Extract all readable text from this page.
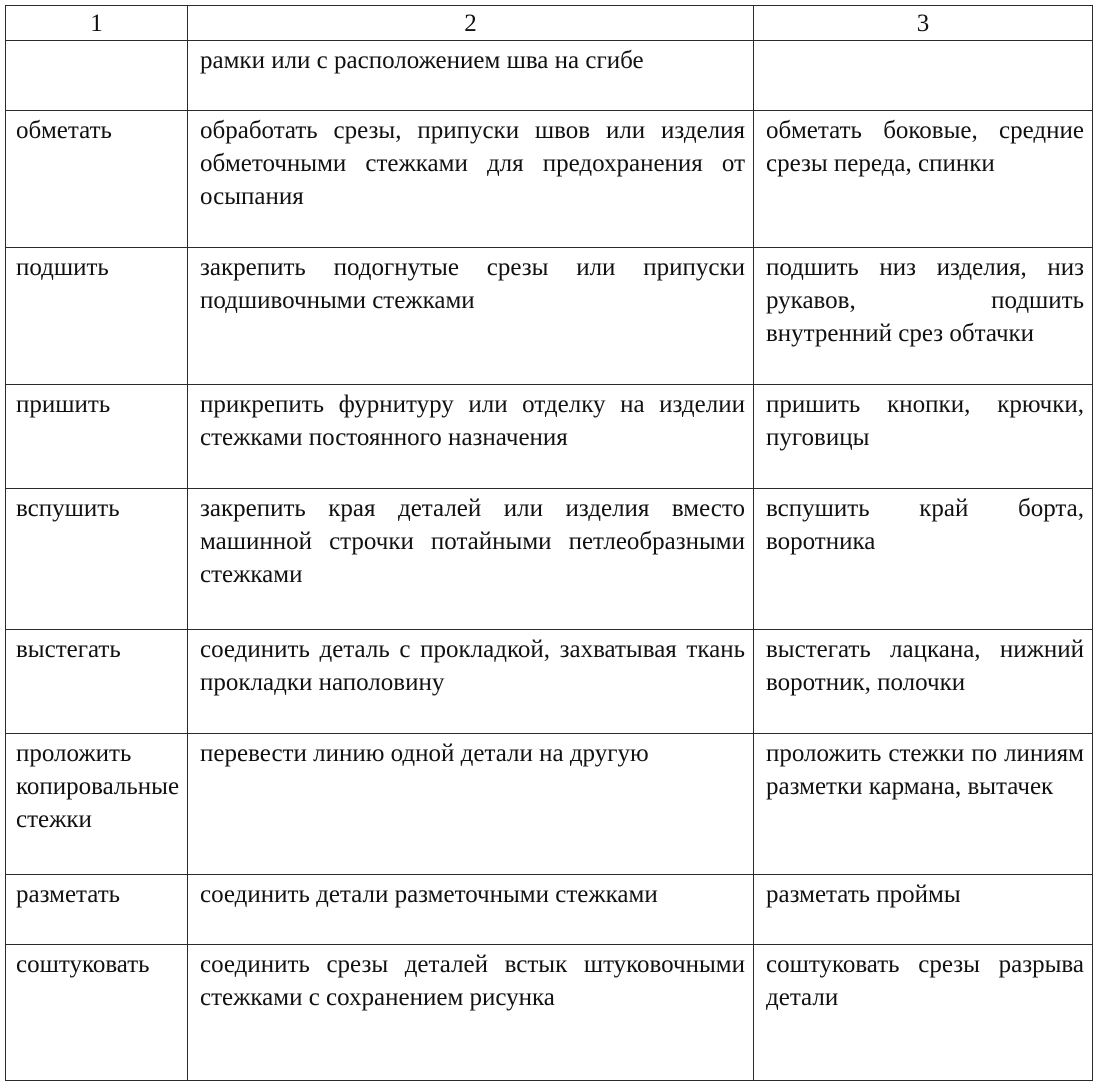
1	2	3
	рамки или с расположением шва на сгибе	
обметать	обработать срезы, припуски швов или изделия обметочными стежками для предохранения от осыпания	обметать боковые, средние срезы переда, спинки
подшить	закрепить подогнутые срезы или припуски подшивочными стежками	подшить низ изделия, низ рукавов, подшить внутренний срез обтачки
пришить	прикрепить фурнитуру или отделку на изделии стежками постоянного назначения	пришить кнопки, крючки, пуговицы
вспушить	закрепить края деталей или изделия вместо машинной строчки потайными петлеобразными стежками	вспушить край борта, воротника
выстегать	соединить деталь с прокладкой, захватывая ткань прокладки наполовину	выстегать лацкана, нижний воротник, полочки
проложить копировальные стежки	перевести линию одной детали на другую	проложить стежки по линиям разметки кармана, вытачек
разметать	соединить детали разметочными стежками	разметать проймы
соштуковать	соединить срезы деталей встык штуковочными стежками с сохранением рисунка	соштуковать срезы разрыва детали
